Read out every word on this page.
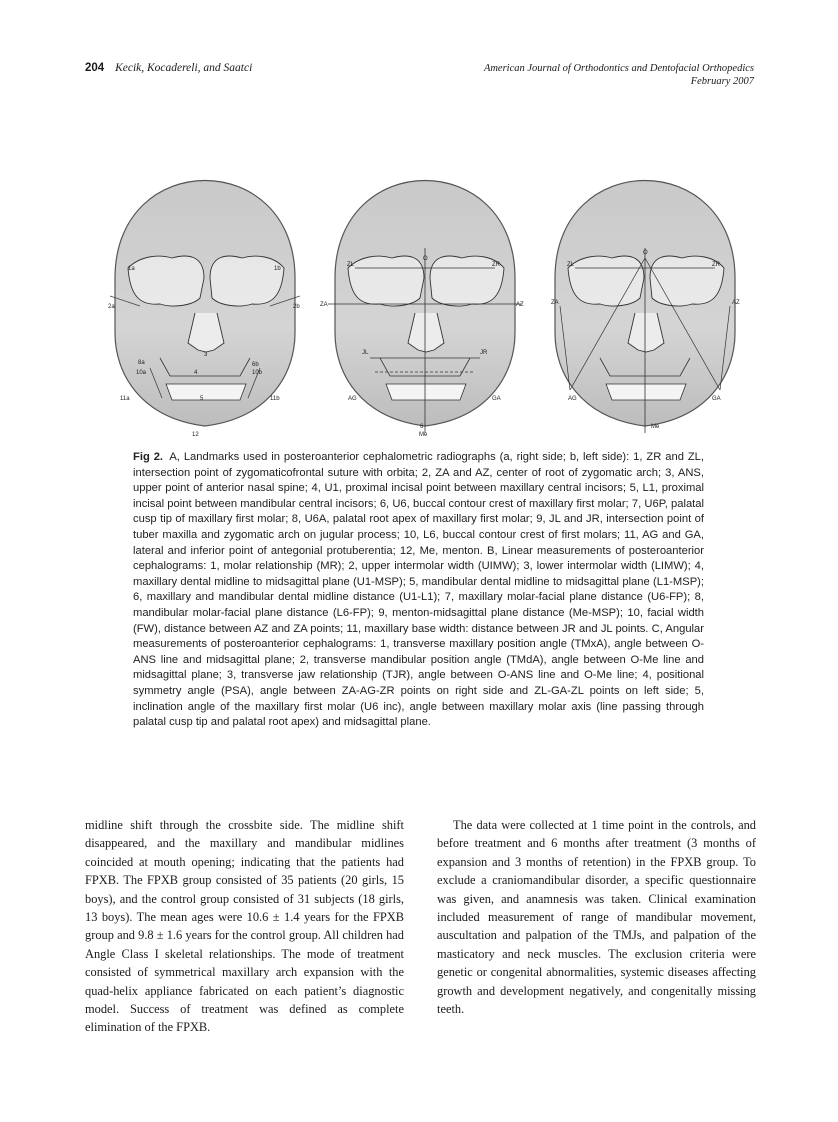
204 Kecik, Kocadereli, and Saatci	American Journal of Orthodontics and Dentofacial Orthopedics
February 2007
1a	1b
2a	2b
8a
10a
3
4
5
6b
10b
11a	11b
12
O
ZL	ZR
ZA	AZ
JL	JR
AG	GA
Me
6
O
ZL	ZR
ZA	AZ
AG	GA
Me
Fig 2. A, Landmarks used in posteroanterior cephalometric radiographs (a, right side; b, left side): 1, ZR and ZL, intersection point of zygomaticofrontal suture with orbita; 2, ZA and AZ, center of root of zygomatic arch; 3, ANS, upper point of anterior nasal spine; 4, U1, proximal incisal point between maxillary central incisors; 5, L1, proximal incisal point between mandibular central incisors; 6, U6, buccal contour crest of maxillary first molar; 7, U6P, palatal cusp tip of maxillary first molar; 8, U6A, palatal root apex of maxillary first molar; 9, JL and JR, intersection point of tuber maxilla and zygomatic arch on jugular process; 10, L6, buccal contour crest of first molars; 11, AG and GA, lateral and inferior point of antegonial protuberentia; 12, Me, menton. B, Linear measurements of posteroanterior cephalograms: 1, molar relationship (MR); 2, upper intermolar width (UIMW); 3, lower intermolar width (LIMW); 4, maxillary dental midline to midsagittal plane (U1-MSP); 5, mandibular dental midline to midsagittal plane (L1-MSP); 6, maxillary and mandibular dental midline distance (U1-L1); 7, maxillary molar-facial plane distance (U6-FP); 8, mandibular molar-facial plane distance (L6-FP); 9, menton-midsagittal plane distance (Me-MSP); 10, facial width (FW), distance between AZ and ZA points; 11, maxillary base width: distance between JR and JL points. C, Angular measurements of posteroanterior cephalograms: 1, transverse maxillary position angle (TMxA), angle between O-ANS line and midsagittal plane; 2, transverse mandibular position angle (TMdA), angle between O-Me line and midsagittal plane; 3, transverse jaw relationship (TJR), angle between O-ANS line and O-Me line; 4, positional symmetry angle (PSA), angle between ZA-AG-ZR points on right side and ZL-GA-ZL points on left side; 5, inclination angle of the maxillary first molar (U6 inc), angle between maxillary molar axis (line passing through palatal cusp tip and palatal root apex) and midsagittal plane.
midline shift through the crossbite side. The midline shift disappeared, and the maxillary and mandibular midlines coincided at mouth opening; indicating that the patients had FPXB. The FPXB group consisted of 35 patients (20 girls, 15 boys), and the control group consisted of 31 subjects (18 girls, 13 boys). The mean ages were 10.6 ± 1.4 years for the FPXB group and 9.8 ± 1.6 years for the control group. All children had Angle Class I skeletal relationships. The mode of treatment consisted of symmetrical maxillary arch expansion with the quad-helix appliance fabricated on each patient’s diagnostic model. Success of treatment was defined as complete elimination of the FPXB.
The data were collected at 1 time point in the controls, and before treatment and 6 months after treatment (3 months of expansion and 3 months of retention) in the FPXB group. To exclude a craniomandibular disorder, a specific questionnaire was given, and anamnesis was taken. Clinical examination included measurement of range of mandibular movement, auscultation and palpation of the TMJs, and palpation of the masticatory and neck muscles. The exclusion criteria were genetic or congenital abnormalities, systemic diseases affecting growth and development negatively, and congenitally missing teeth.
